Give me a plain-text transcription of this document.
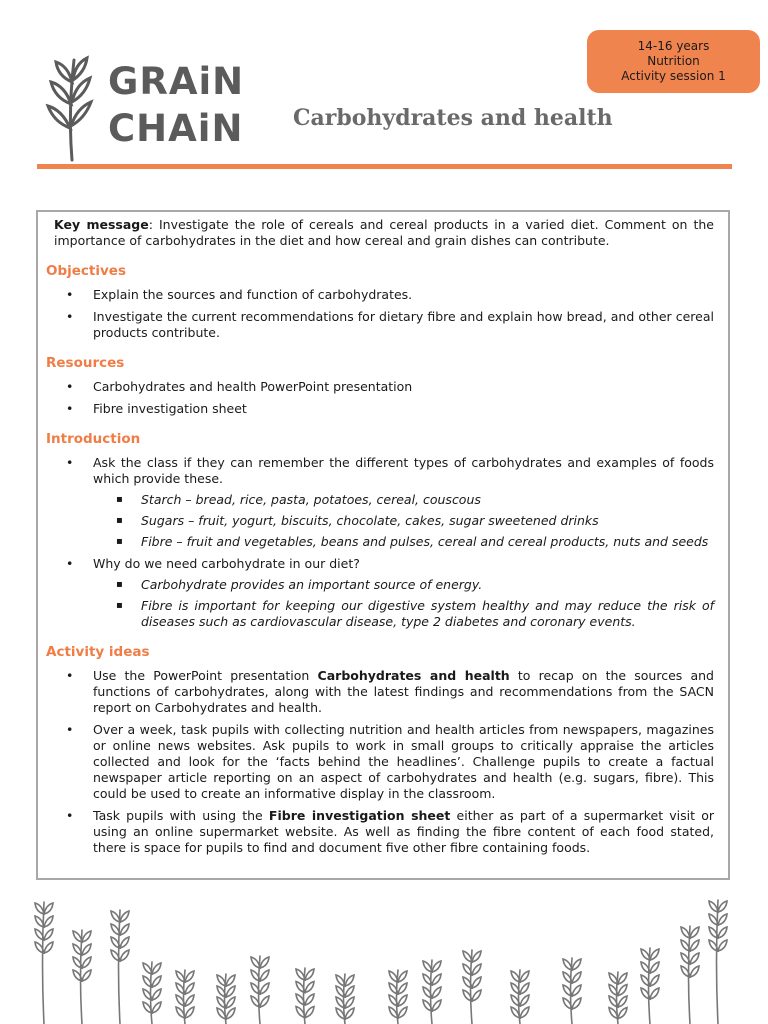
14-16 years
Nutrition
Activity session 1
GRAiN
CHAiN	Carbohydrates and health

Key message: Investigate the role of cereals and cereal products in a varied diet. Comment on the importance of carbohydrates in the diet and how cereal and grain dishes can contribute.

Objectives
• Explain the sources and function of carbohydrates.
• Investigate the current recommendations for dietary fibre and explain how bread, and other cereal products contribute.
Resources
• Carbohydrates and health PowerPoint presentation
• Fibre investigation sheet
Introduction
• Ask the class if they can remember the different types of carbohydrates and examples of foods which provide these.
▪ Starch – bread, rice, pasta, potatoes, cereal, couscous
▪ Sugars – fruit, yogurt, biscuits, chocolate, cakes, sugar sweetened drinks
▪ Fibre – fruit and vegetables, beans and pulses, cereal and cereal products, nuts and seeds
• Why do we need carbohydrate in our diet?
▪ Carbohydrate provides an important source of energy.
▪ Fibre is important for keeping our digestive system healthy and may reduce the risk of diseases such as cardiovascular disease, type 2 diabetes and coronary events.
Activity ideas
• Use the PowerPoint presentation Carbohydrates and health to recap on the sources and functions of carbohydrates, along with the latest findings and recommendations from the SACN report on Carbohydrates and health.
• Over a week, task pupils with collecting nutrition and health articles from newspapers, magazines or online news websites. Ask pupils to work in small groups to critically appraise the articles collected and look for the ‘facts behind the headlines’. Challenge pupils to create a factual newspaper article reporting on an aspect of carbohydrates and health (e.g. sugars, fibre). This could be used to create an informative display in the classroom.
• Task pupils with using the Fibre investigation sheet either as part of a supermarket visit or using an online supermarket website. As well as finding the fibre content of each food stated, there is space for pupils to find and document five other fibre containing foods.
